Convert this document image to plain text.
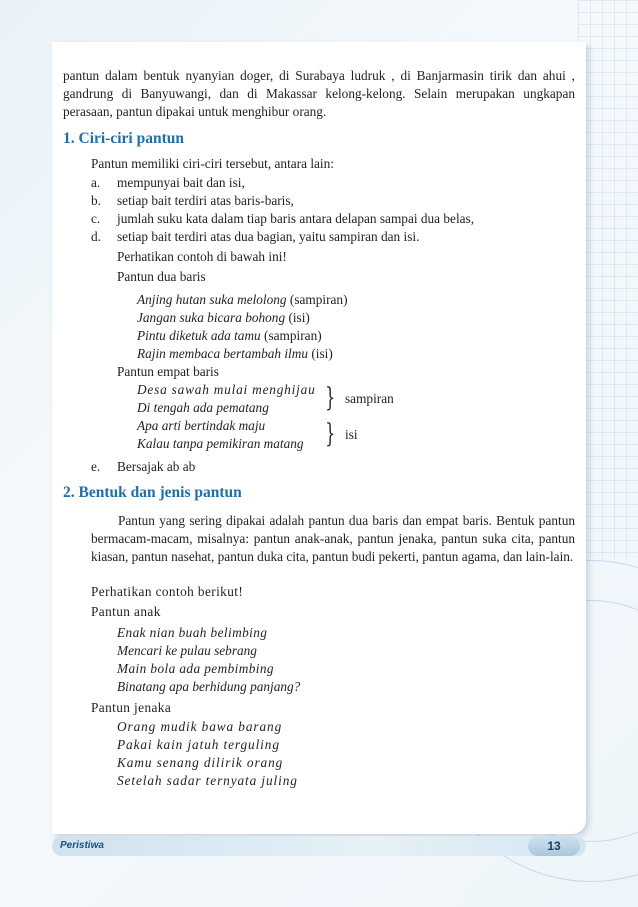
pantun dalam bentuk nyanyian doger, di Surabaya ludruk , di Banjarmasin tirik dan ahui , gandrung di Banyuwangi, dan di Makassar kelong-kelong. Selain merupakan ungkapan perasaan, pantun dipakai untuk menghibur orang.
1. Ciri-ciri pantun
Pantun memiliki ciri-ciri tersebut, antara lain:
a. mempunyai bait dan isi,
b. setiap bait terdiri atas baris-baris,
c. jumlah suku kata dalam tiap baris antara delapan sampai dua belas,
d. setiap bait terdiri atas dua bagian, yaitu sampiran dan isi.
Perhatikan contoh di bawah ini!
Pantun dua baris
Anjing hutan suka melolong (sampiran)
Jangan suka bicara bohong (isi)
Pintu diketuk ada tamu (sampiran)
Rajin membaca bertambah ilmu (isi)
Pantun empat baris
Desa sawah mulai menghijau
Di tengah ada pematang
Apa arti bertindak maju
Kalau tanpa pemikiran matang
} sampiran
} isi
e. Bersajak ab ab
2. Bentuk dan jenis pantun
Pantun yang sering dipakai adalah pantun dua baris dan empat baris. Bentuk pantun bermacam-macam, misalnya: pantun anak-anak, pantun jenaka, pantun suka cita, pantun kiasan, pantun nasehat, pantun duka cita, pantun budi pekerti, pantun agama, dan lain-lain.
Perhatikan contoh berikut!
Pantun anak
Enak nian buah belimbing
Mencari ke pulau sebrang
Main bola ada pembimbing
Binatang apa berhidung panjang?
Pantun jenaka
Orang mudik bawa barang
Pakai kain jatuh terguling
Kamu senang dilirik orang
Setelah sadar ternyata juling
Peristiwa	13
